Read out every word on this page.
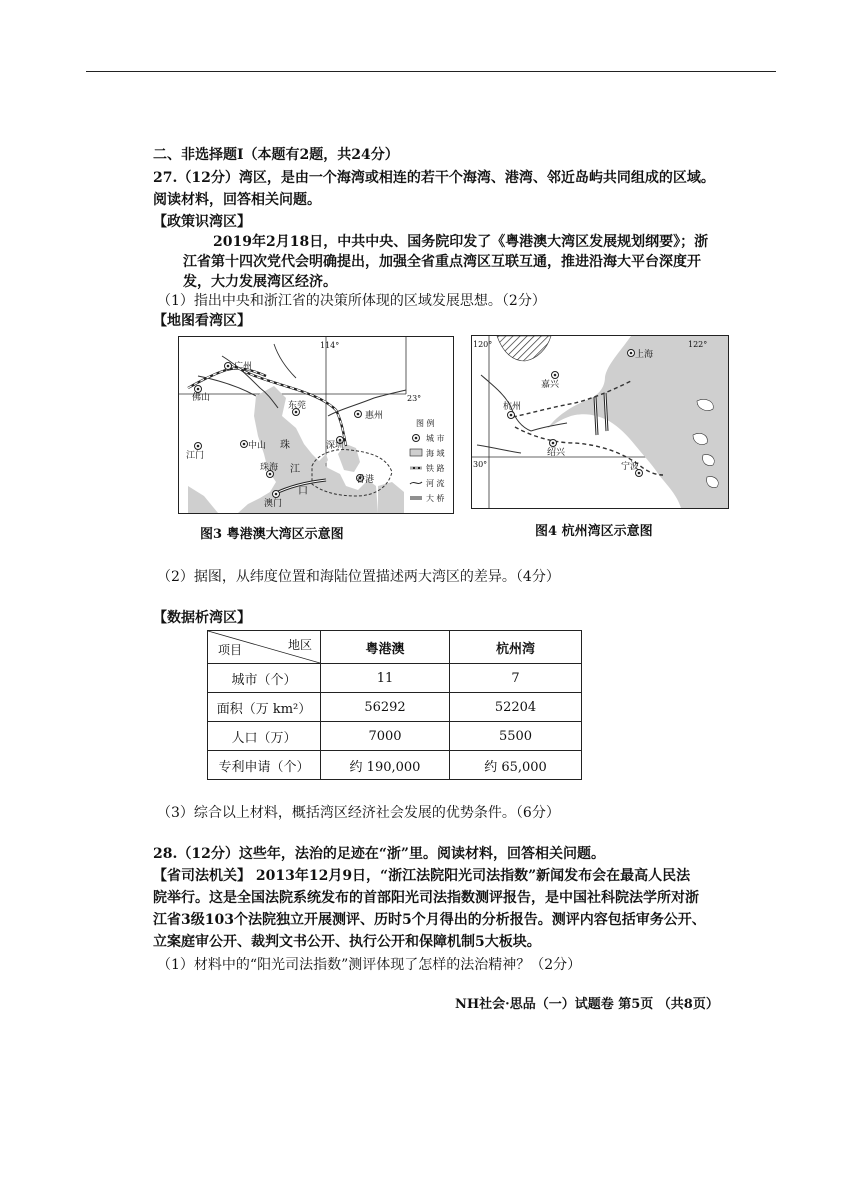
二、非选择题Ⅰ（本题有2题，共24分）
27.（12分）湾区，是由一个海湾或相连的若干个海湾、港湾、邻近岛屿共同组成的区域。
阅读材料，回答相关问题。
【政策识湾区】
2019年2月18日，中共中央、国务院印发了《粤港澳大湾区发展规划纲要》；浙
江省第十四次党代会明确提出，加强全省重点湾区互联互通，推进沿海大平台深度开
发，大力发展湾区经济。
（1）指出中央和浙江省的决策所体现的区域发展思想。（2分）
【地图看湾区】
广州
佛山
东莞
惠州
中山	深圳
江门
珠海
香港
澳门
珠
江
口
114°
23°
图 例
城 市
海 域
铁 路
河 流
大 桥
图3 粤港澳大湾区示意图
上海
嘉兴
杭州
绍兴
宁波
120°	122°
30°
图4 杭州湾区示意图
（2）据图，从纬度位置和海陆位置描述两大湾区的差异。（4分）
【数据析湾区】
项目 地区	粤港澳	杭州湾
城市（个）	11	7
面积（万 km²）	56292	52204
人口（万）	7000	5500
专利申请（个）	约 190,000	约 65,000
（3）综合以上材料，概括湾区经济社会发展的优势条件。（6分）
28.（12分）这些年，法治的足迹在“浙”里。阅读材料，回答相关问题。
【省司法机关】 2013年12月9日，“浙江法院阳光司法指数”新闻发布会在最高人民法
院举行。这是全国法院系统发布的首部阳光司法指数测评报告，是中国社科院法学所对浙
江省3级103个法院独立开展测评、历时5个月得出的分析报告。测评内容包括审务公开、
立案庭审公开、裁判文书公开、执行公开和保障机制5大板块。
（1）材料中的“阳光司法指数”测评体现了怎样的法治精神？（2分）
NH社会·思品（一）试题卷 第5页 （共8页）
